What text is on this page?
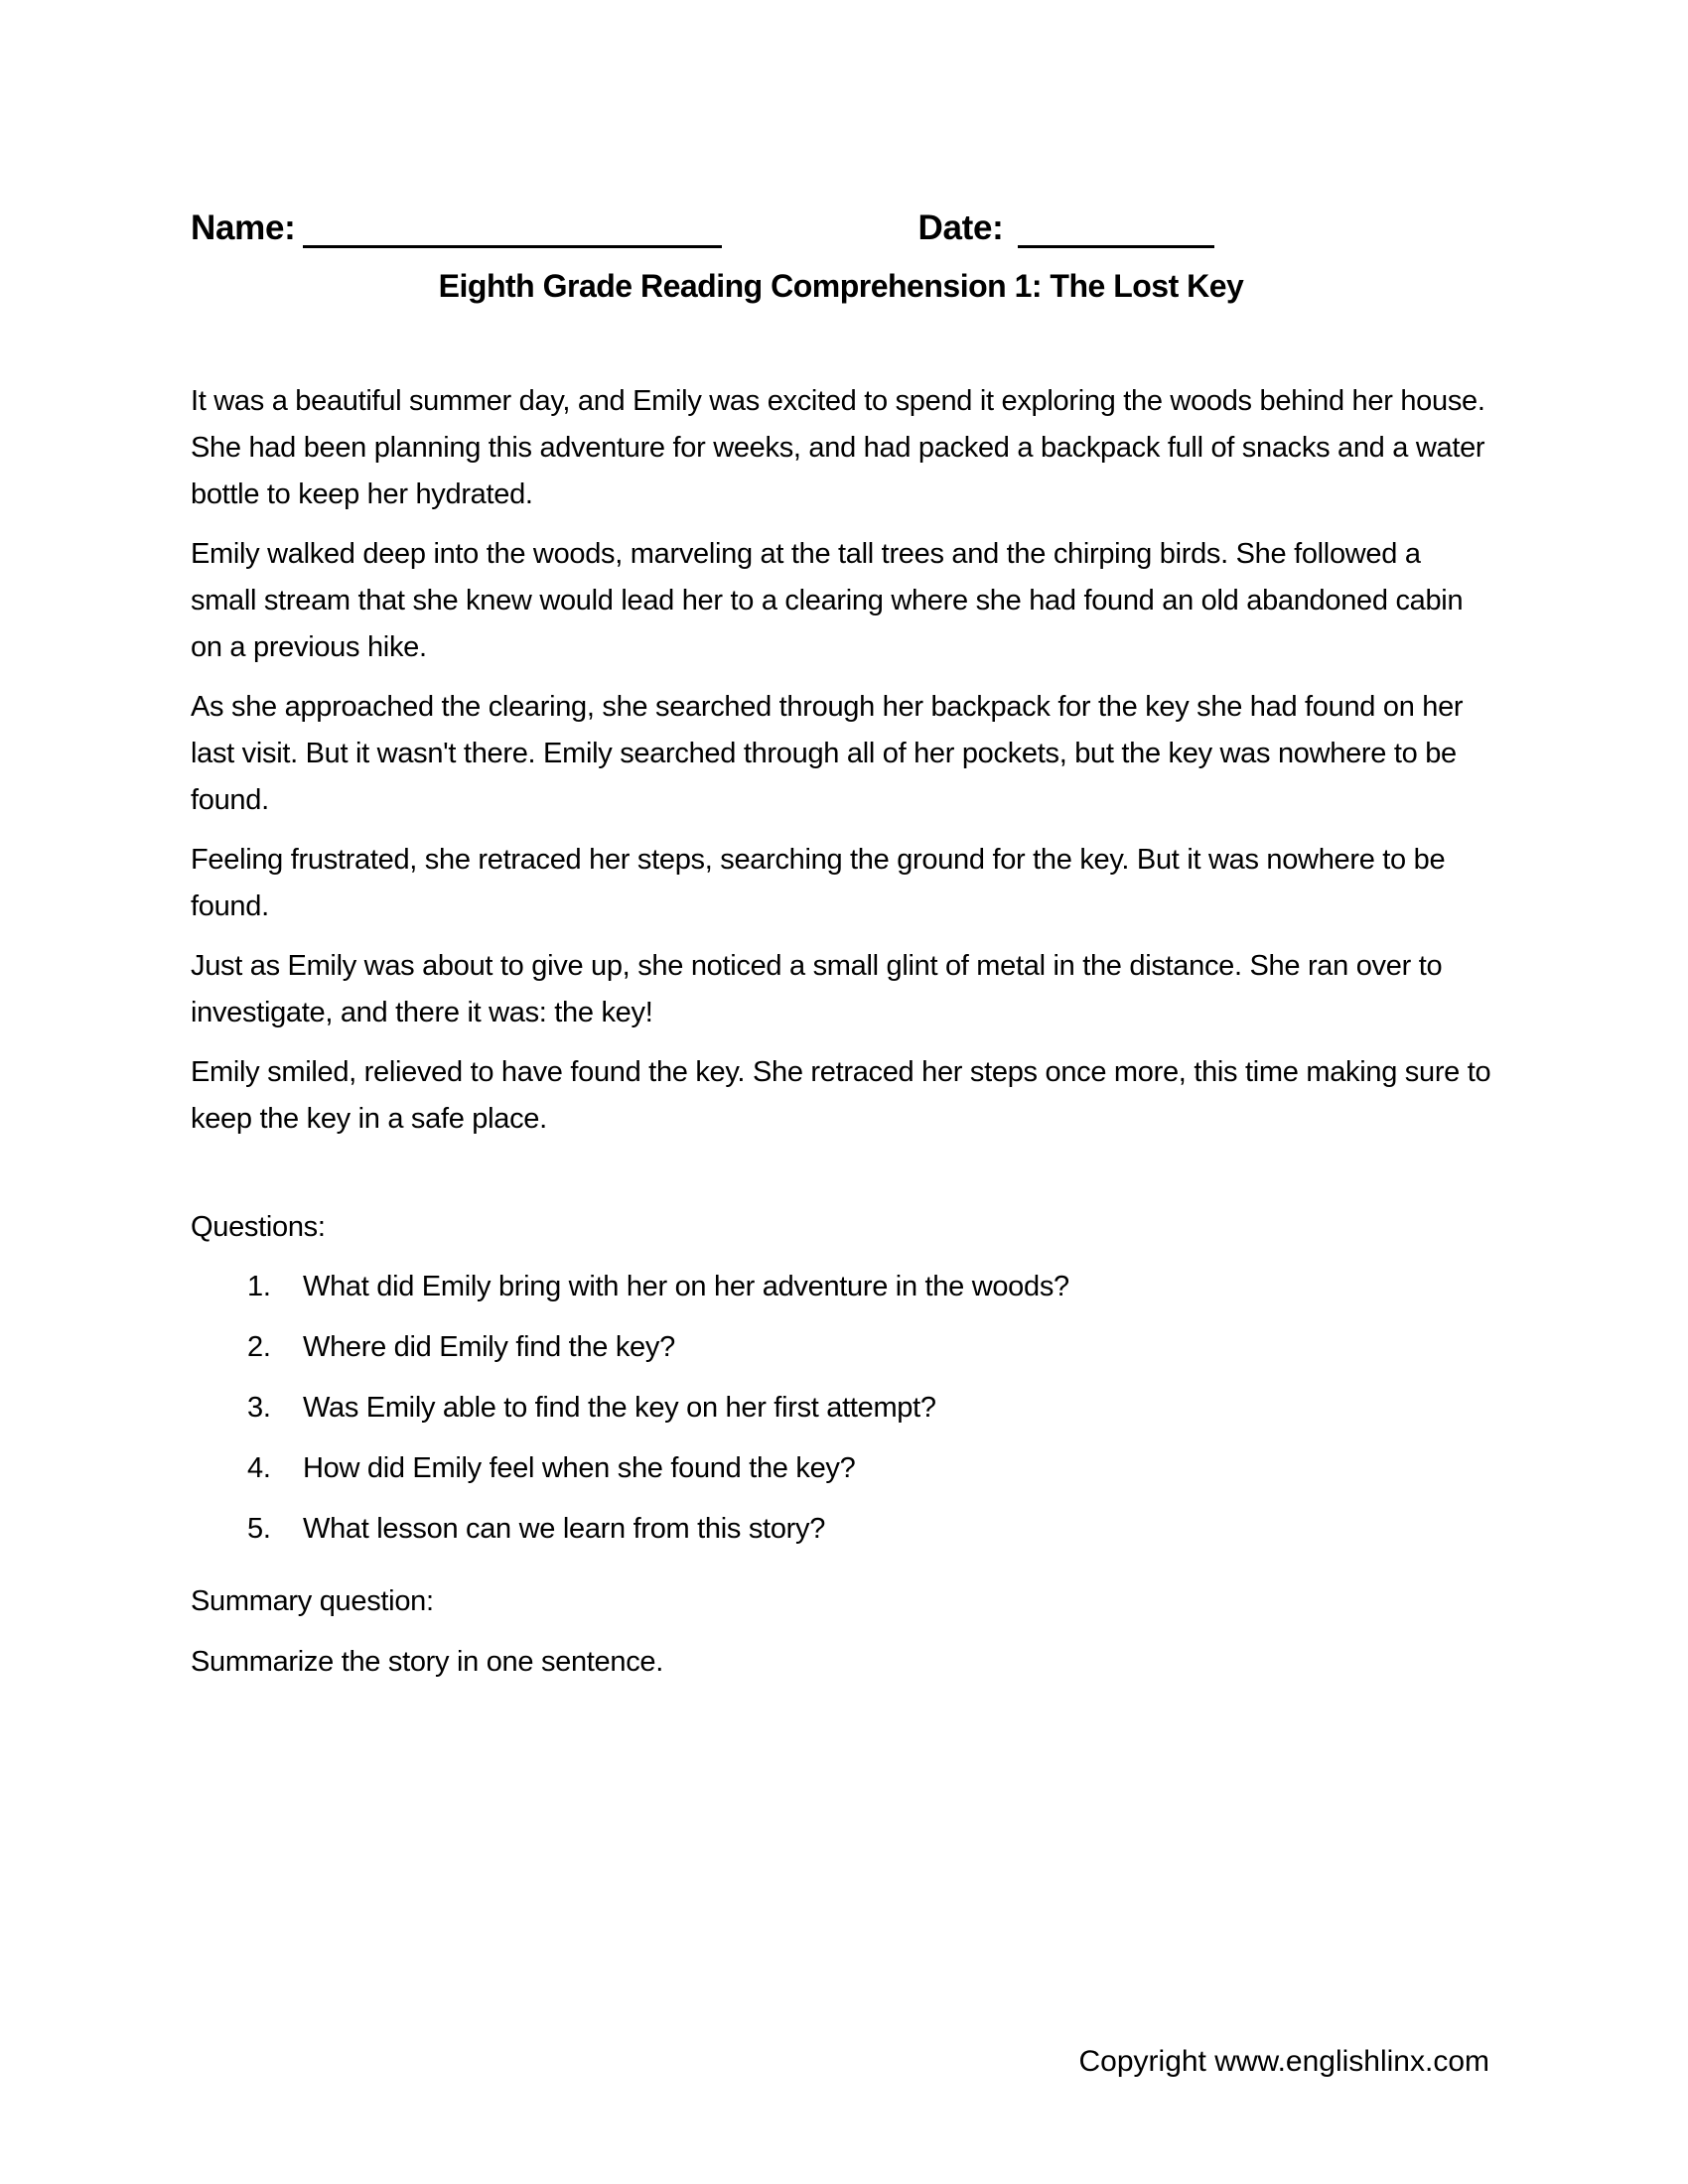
Name:	Date:
Eighth Grade Reading Comprehension 1: The Lost Key

It was a beautiful summer day, and Emily was excited to spend it exploring the woods behind her house. She had been planning this adventure for weeks, and had packed a backpack full of snacks and a water bottle to keep her hydrated.

Emily walked deep into the woods, marveling at the tall trees and the chirping birds. She followed a small stream that she knew would lead her to a clearing where she had found an old abandoned cabin on a previous hike.

As she approached the clearing, she searched through her backpack for the key she had found on her last visit. But it wasn't there. Emily searched through all of her pockets, but the key was nowhere to be found.

Feeling frustrated, she retraced her steps, searching the ground for the key. But it was nowhere to be found.

Just as Emily was about to give up, she noticed a small glint of metal in the distance. She ran over to investigate, and there it was: the key!

Emily smiled, relieved to have found the key. She retraced her steps once more, this time making sure to keep the key in a safe place.

Questions:
1.	What did Emily bring with her on her adventure in the woods?
2.	Where did Emily find the key?
3.	Was Emily able to find the key on her first attempt?
4.	How did Emily feel when she found the key?
5.	What lesson can we learn from this story?
Summary question:
Summarize the story in one sentence.
Copyright www.englishlinx.com
